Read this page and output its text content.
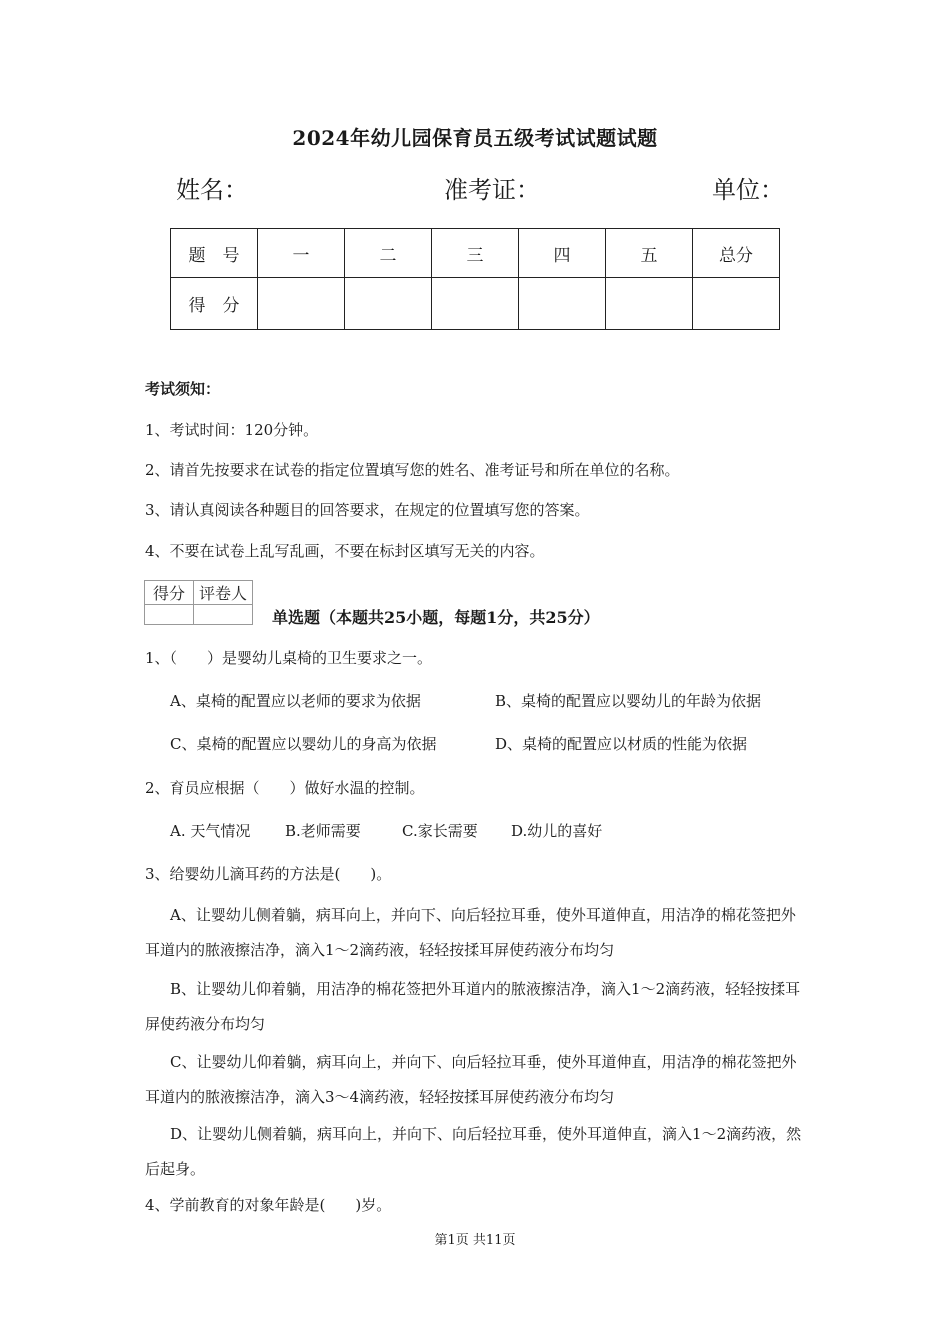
2024年幼儿园保育员五级考试试题试题
姓名：	准考证：	单位：
题　号	一	二	三	四	五	总分
得　分						
考试须知：
1、考试时间：120分钟。
2、请首先按要求在试卷的指定位置填写您的姓名、准考证号和所在单位的名称。
3、请认真阅读各种题目的回答要求，在规定的位置填写您的答案。
4、不要在试卷上乱写乱画，不要在标封区填写无关的内容。
得分	评卷人

单选题（本题共25小题，每题1分，共25分）
1、（　　）是婴幼儿桌椅的卫生要求之一。
A、桌椅的配置应以老师的要求为依据	B、桌椅的配置应以婴幼儿的年龄为依据
C、桌椅的配置应以婴幼儿的身高为依据	D、桌椅的配置应以材质的性能为依据
2、育员应根据（　　）做好水温的控制。
A. 天气情况 B.老师需要	C.家长需要 D.幼儿的喜好
3、给婴幼儿滴耳药的方法是(　　)。
A、让婴幼儿侧着躺，病耳向上，并向下、向后轻拉耳垂，使外耳道伸直，用洁净的棉花签把外耳道内的脓液擦洁净，滴入1～2滴药液，轻轻按揉耳屏使药液分布均匀
B、让婴幼儿仰着躺，用洁净的棉花签把外耳道内的脓液擦洁净，滴入1～2滴药液，轻轻按揉耳屏使药液分布均匀
C、让婴幼儿仰着躺，病耳向上，并向下、向后轻拉耳垂，使外耳道伸直，用洁净的棉花签把外耳道内的脓液擦洁净，滴入3～4滴药液，轻轻按揉耳屏使药液分布均匀
D、让婴幼儿侧着躺，病耳向上，并向下、向后轻拉耳垂，使外耳道伸直，滴入1～2滴药液，然后起身。
4、学前教育的对象年龄是(　　)岁。
第1页 共11页
